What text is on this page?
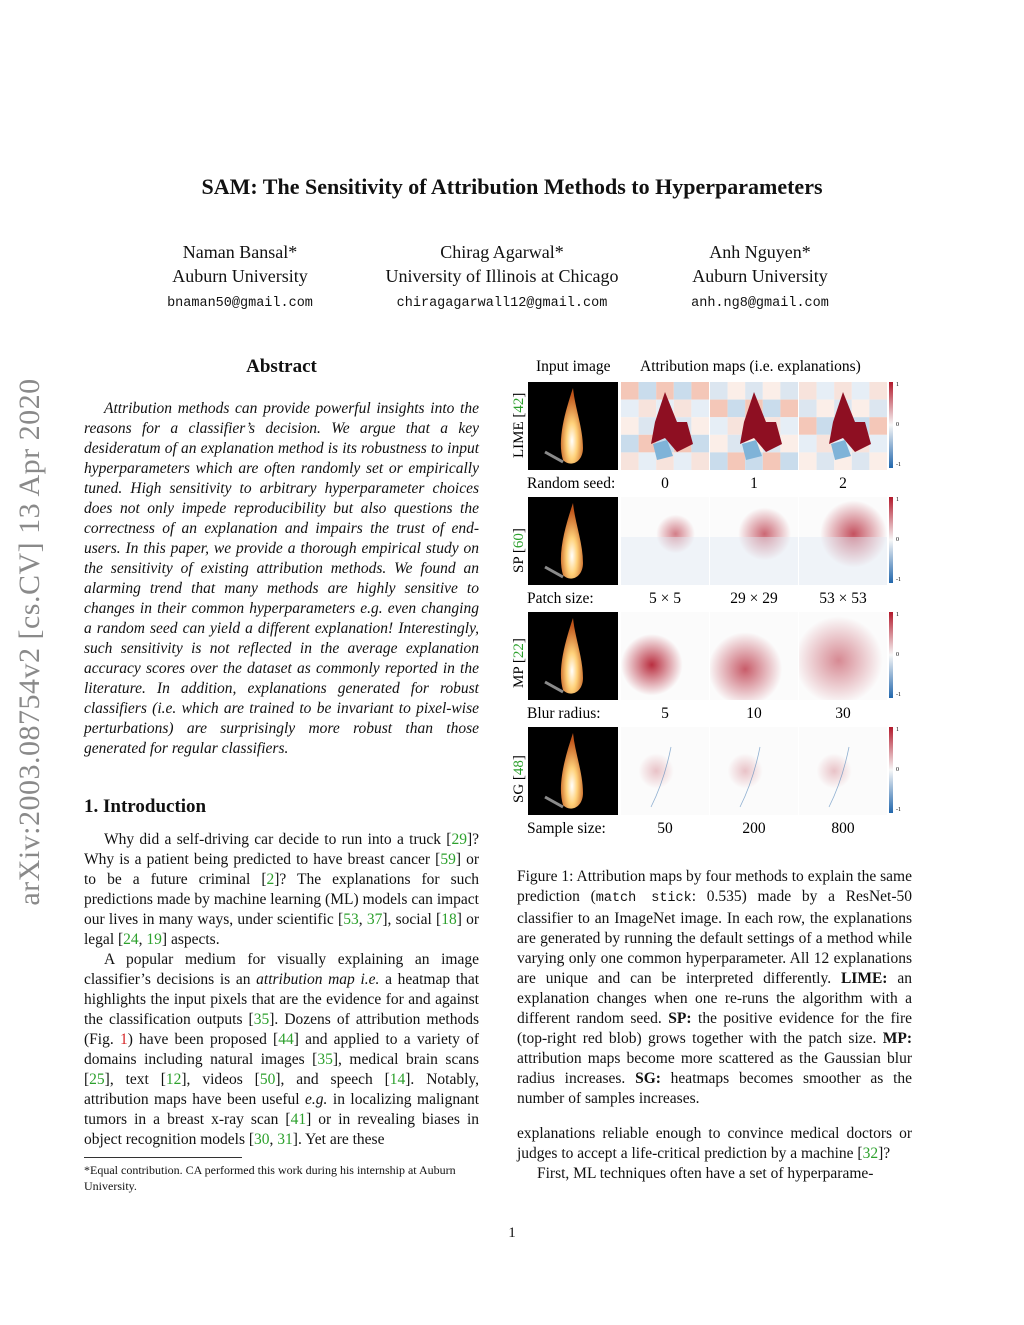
SAM: The Sensitivity of Attribution Methods to Hyperparameters
Naman Bansal*
Auburn University
bnaman50@gmail.com
Chirag Agarwal*
University of Illinois at Chicago
chiragagarwall12@gmail.com
Anh Nguyen*
Auburn University
anh.ng8@gmail.com
arXiv:2003.08754v2 [cs.CV] 13 Apr 2020
Abstract

Attribution methods can provide powerful insights into the reasons for a classifier’s decision. We argue that a key desideratum of an explanation method is its robustness to input hyperparameters which are often randomly set or empirically tuned. High sensitivity to arbitrary hyperparameter choices does not only impede reproducibility but also questions the correctness of an explanation and impairs the trust of end-users. In this paper, we provide a thorough empirical study on the sensitivity of existing attribution methods. We found an alarming trend that many methods are highly sensitive to changes in their common hyperparameters e.g. even changing a random seed can yield a different explanation! Interestingly, such sensitivity is not reflected in the average explanation accuracy scores over the dataset as commonly reported in the literature. In addition, explanations generated for robust classifiers (i.e. which are trained to be invariant to pixel-wise perturbations) are surprisingly more robust than those generated for regular classifiers.

1. Introduction

Why did a self-driving car decide to run into a truck [29]? Why is a patient being predicted to have breast cancer [59] or to be a future criminal [2]? The explanations for such predictions made by machine learning (ML) models can impact our lives in many ways, under scientific [53, 37], social [18] or legal [24, 19] aspects.

A popular medium for visually explaining an image classifier’s decisions is an attribution map i.e. a heatmap that highlights the input pixels that are the evidence for and against the classification outputs [35]. Dozens of attribution methods (Fig. 1) have been proposed [44] and applied to a variety of domains including natural images [35], medical brain scans [25], text [12], videos [50], and speech [14]. Notably, attribution maps have been useful e.g. in localizing malignant tumors in a breast x-ray scan [41] or in revealing biases in object recognition models [30, 31]. Yet are these

*Equal contribution. CA performed this work during his internship at Auburn University.
Input image Attribution maps (i.e. explanations)
LIME [42]
1
0
-1
Random seed:	0	1	2
SP [60]
1
0
-1
Patch size:	5 × 5	29 × 29	53 × 53
MP [22]
1
0
-1
Blur radius:	5	10	30
SG [48]
1
0
-1
Sample size:	50	200	800

Figure 1: Attribution maps by four methods to explain the same prediction (match stick: 0.535) made by a ResNet-50 classifier to an ImageNet image. In each row, the explanations are generated by running the default settings of a method while varying only one common hyperparameter. All 12 explanations are unique and can be interpreted differently. LIME: an explanation changes when one re-runs the algorithm with a different random seed. SP: the positive evidence for the fire (top-right red blob) grows together with the patch size. MP: attribution maps become more scattered as the Gaussian blur radius increases. SG: heatmaps becomes smoother as the number of samples increases.

explanations reliable enough to convince medical doctors or judges to accept a life-critical prediction by a machine [32]?

First, ML techniques often have a set of hyperparame-

1
